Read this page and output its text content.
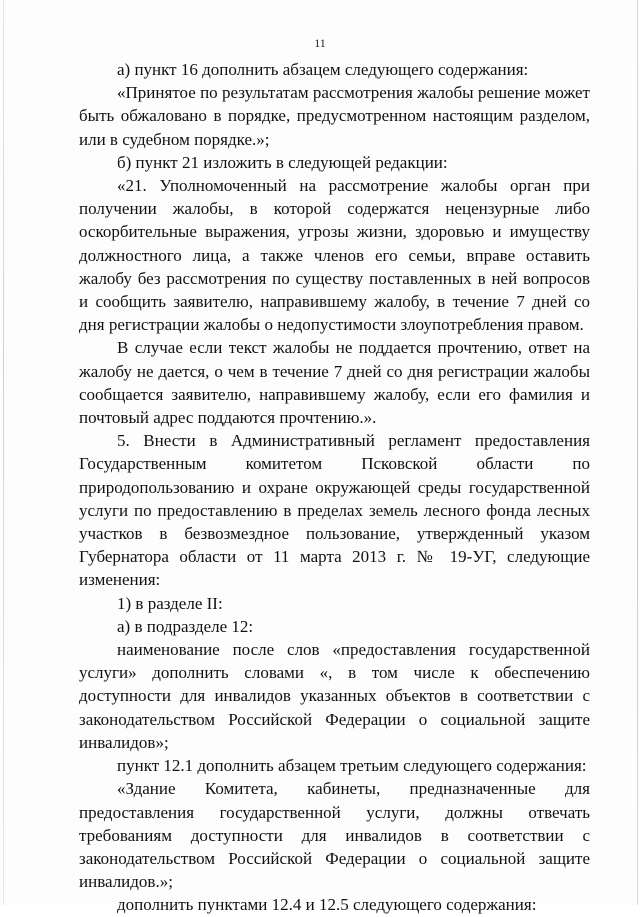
11

а) пункт 16 дополнить абзацем следующего содержания:

«Принятое по результатам рассмотрения жалобы решение может быть обжаловано в порядке, предусмотренном настоящим разделом, или в судебном порядке.»;

б) пункт 21 изложить в следующей редакции:

«21. Уполномоченный на рассмотрение жалобы орган при получении жалобы, в которой содержатся нецензурные либо оскорбительные выражения, угрозы жизни, здоровью и имуществу должностного лица, а также членов его семьи, вправе оставить жалобу без рассмотрения по существу поставленных в ней вопросов и сообщить заявителю, направившему жалобу, в течение 7 дней со дня регистрации жалобы о недопустимости злоупотребления правом.

В случае если текст жалобы не поддается прочтению, ответ на жалобу не дается, о чем в течение 7 дней со дня регистрации жалобы сообщается заявителю, направившему жалобу, если его фамилия и почтовый адрес поддаются прочтению.».

5. Внести в Административный регламент предоставления Государственным комитетом Псковской области по природопользованию и охране окружающей среды государственной услуги по предоставлению в пределах земель лесного фонда лесных участков в безвозмездное пользование, утвержденный указом Губернатора области от 11 марта 2013 г. № 19-УГ, следующие изменения:

1) в разделе II:

а) в подразделе 12:

наименование после слов «предоставления государственной услуги» дополнить словами «, в том числе к обеспечению доступности для инвалидов указанных объектов в соответствии с законодательством Российской Федерации о социальной защите инвалидов»;

пункт 12.1 дополнить абзацем третьим следующего содержания:

«Здание Комитета, кабинеты, предназначенные для предоставления государственной услуги, должны отвечать требованиям доступности для инвалидов в соответствии с законодательством Российской Федерации о социальной защите инвалидов.»;

дополнить пунктами 12.4 и 12.5 следующего содержания:
